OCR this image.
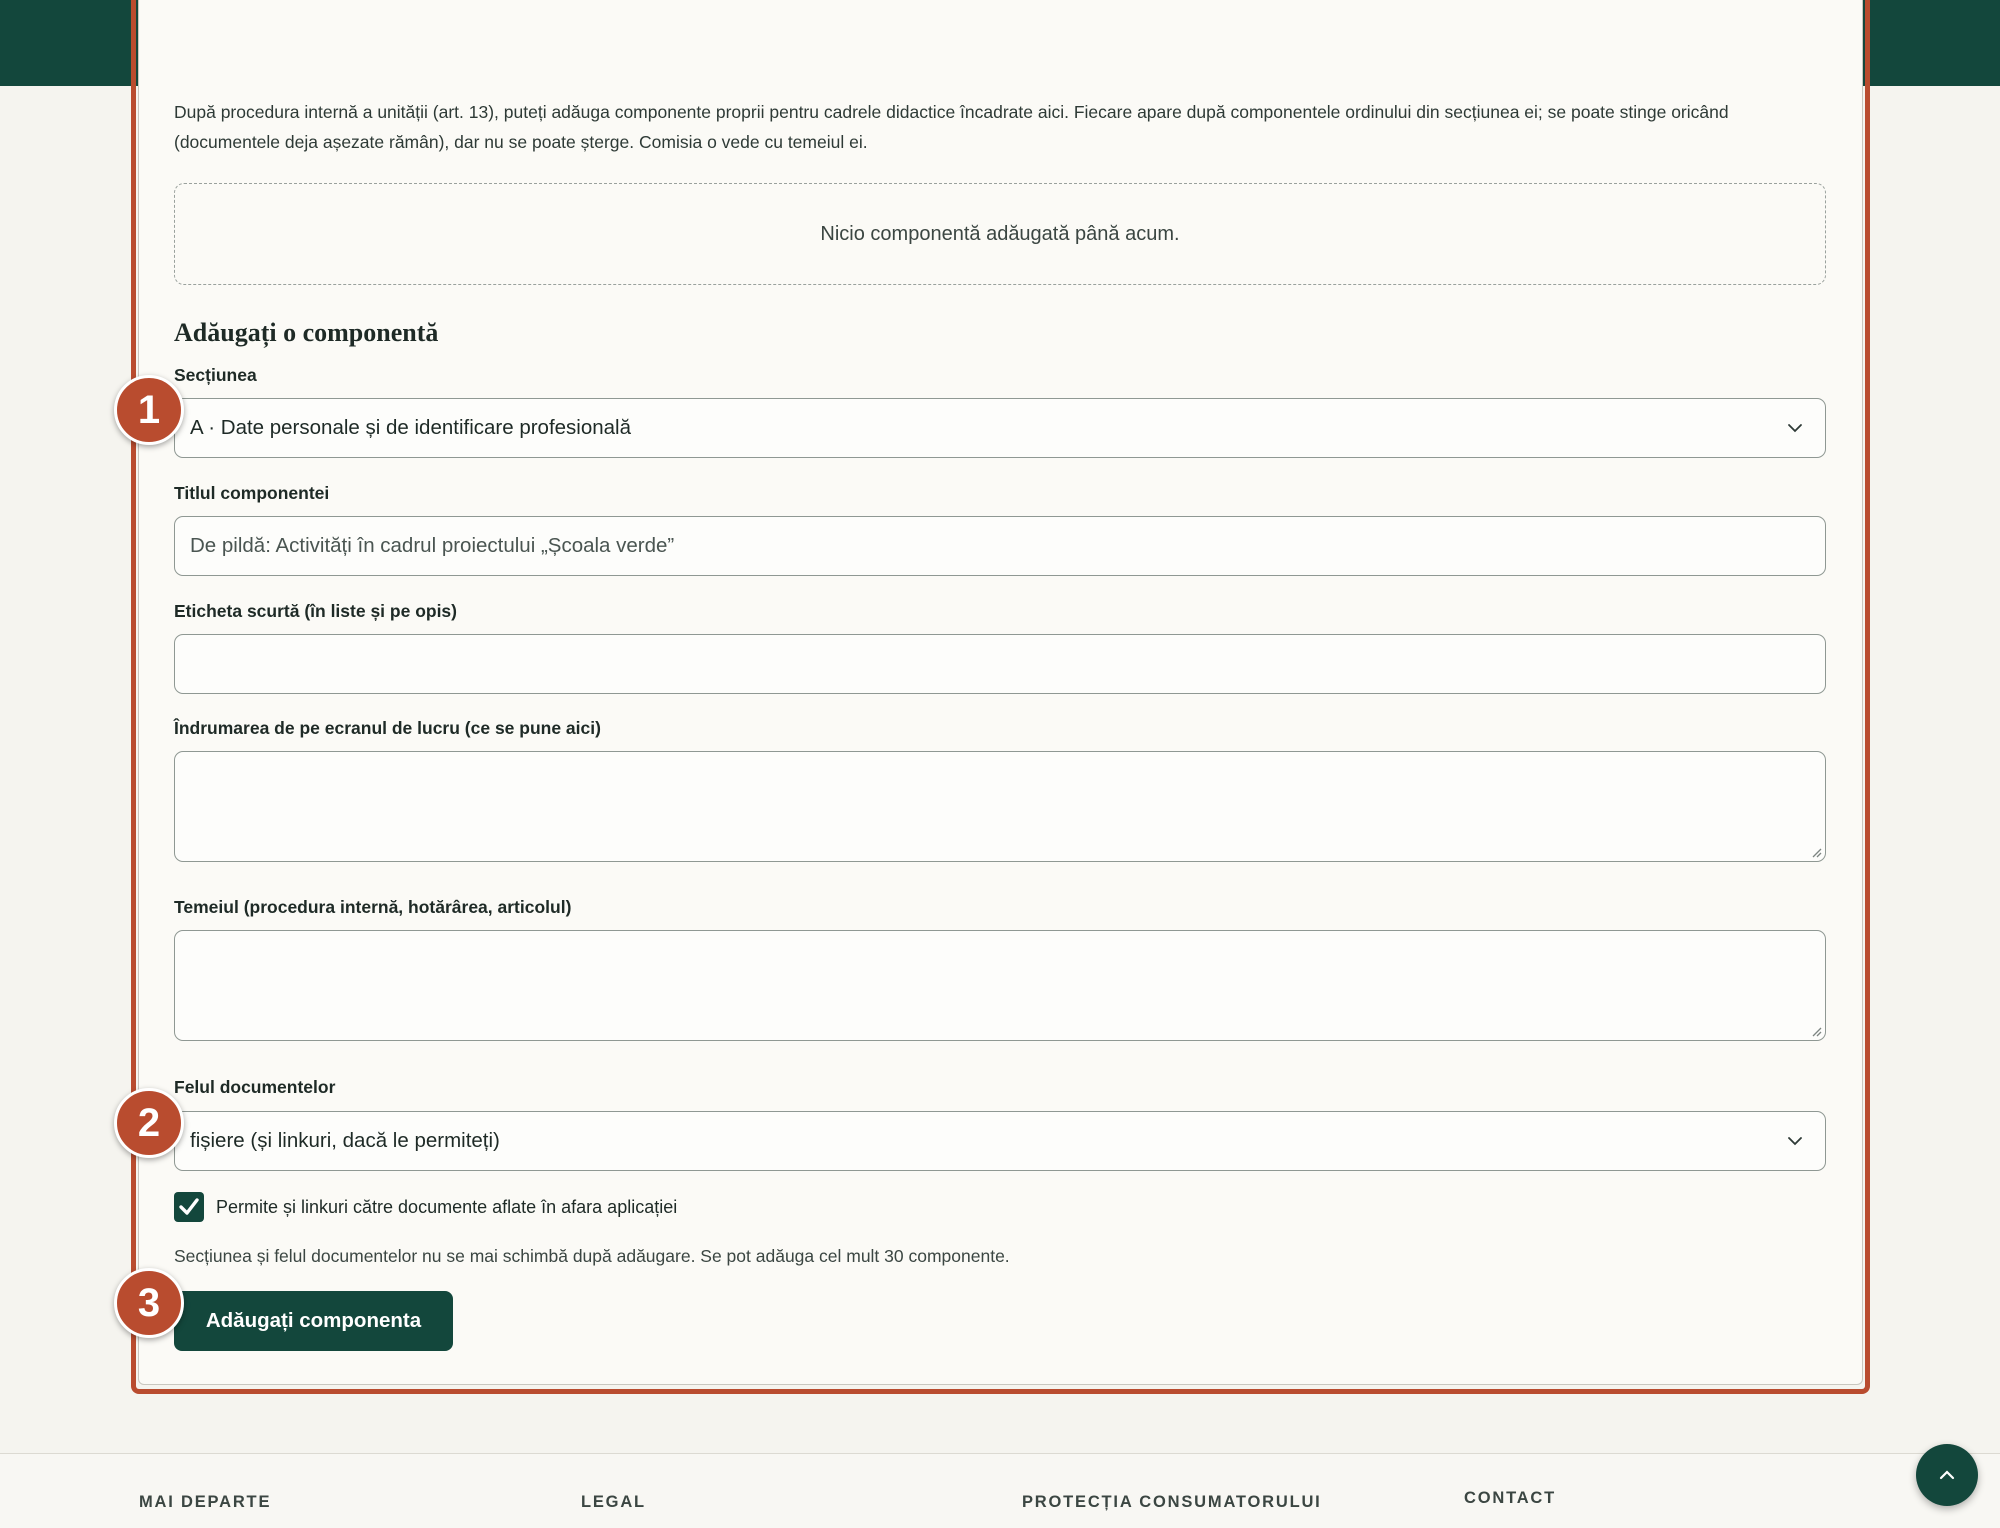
După procedura internă a unității (art. 13), puteți adăuga componente proprii pentru cadrele didactice încadrate aici. Fiecare apare după componentele ordinului din secțiunea ei; se poate stinge oricând (documentele deja așezate rămân), dar nu se poate șterge. Comisia o vede cu temeiul ei.

Nicio componentă adăugată până acum.
Adăugați o componentă
Secțiunea
A · Date personale și de identificare profesională
Titlul componentei
De pildă: Activități în cadrul proiectului „Școala verde”
Eticheta scurtă (în liste și pe opis)
Îndrumarea de pe ecranul de lucru (ce se pune aici)
Temeiul (procedura internă, hotărârea, articolul)
Felul documentelor
fișiere (și linkuri, dacă le permiteți)
Permite și linkuri către documente aflate în afara aplicației

Secțiunea și felul documentelor nu se mai schimbă după adăugare. Se pot adăuga cel mult 30 componente.

Adăugați componenta
1
2
3
MAI DEPARTE	LEGAL	PROTECȚIA CONSUMATORULUI	CONTACT
